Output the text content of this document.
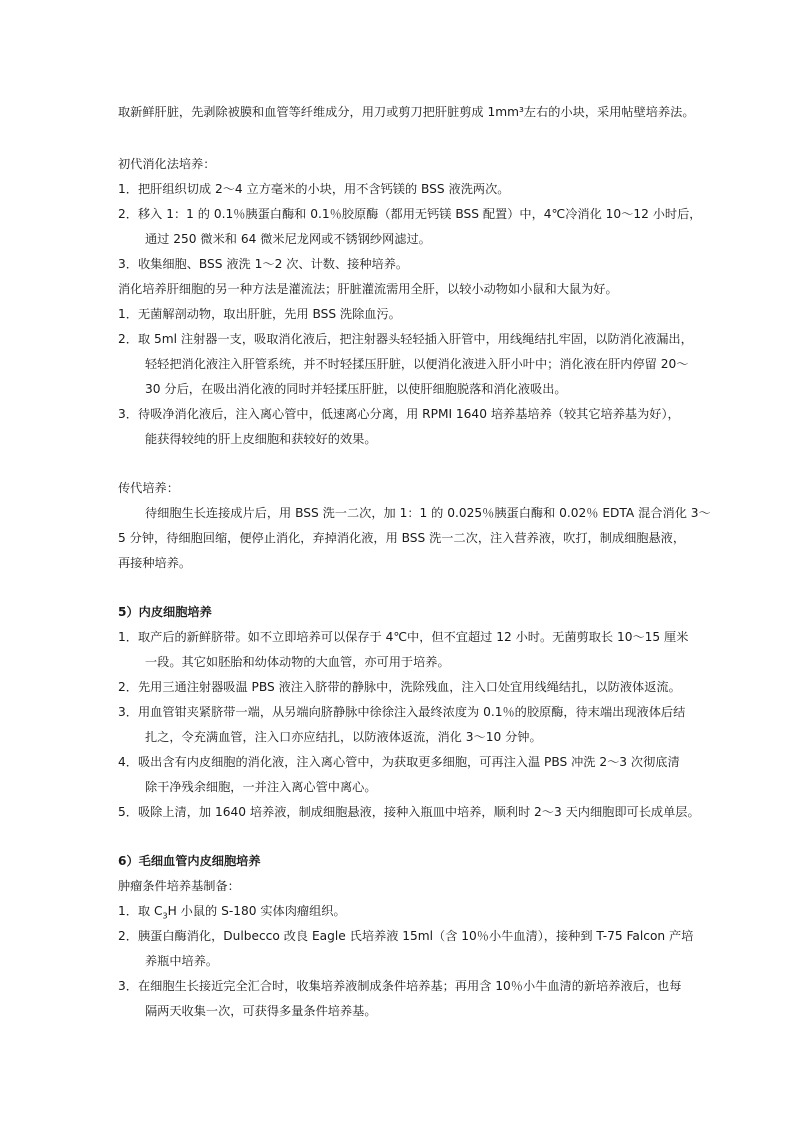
取新鲜肝脏，先剥除被膜和血管等纤维成分，用刀或剪刀把肝脏剪成 1mm³左右的小块，采用帖壁培养法。
初代消化法培养：
1．把肝组织切成 2～4 立方毫米的小块，用不含钙镁的 BSS 液洗两次。
2．移入 1：1 的 0.1％胰蛋白酶和 0.1％胶原酶（都用无钙镁 BSS 配置）中，4℃冷消化 10～12 小时后，
通过 250 微米和 64 微米尼龙网或不锈钢纱网滤过。
3．收集细胞、BSS 液洗 1～2 次、计数、接种培养。
消化培养肝细胞的另一种方法是灌流法；肝脏灌流需用全肝，以较小动物如小鼠和大鼠为好。
1．无菌解剖动物，取出肝脏，先用 BSS 洗除血污。
2．取 5ml 注射器一支，吸取消化液后，把注射器头轻轻插入肝管中，用线绳结扎牢固，以防消化液漏出，
轻轻把消化液注入肝管系统，并不时轻揉压肝脏，以便消化液进入肝小叶中；消化液在肝内停留 20～
30 分后，在吸出消化液的同时并轻揉压肝脏，以使肝细胞脱落和消化液吸出。
3．待吸净消化液后，注入离心管中，低速离心分离，用 RPMI 1640 培养基培养（较其它培养基为好），
能获得较纯的肝上皮细胞和获较好的效果。
传代培养：
待细胞生长连接成片后，用 BSS 洗一二次，加 1：1 的 0.025％胰蛋白酶和 0.02％ EDTA 混合消化 3～
5 分钟，待细胞回缩，便停止消化，弃掉消化液，用 BSS 洗一二次，注入营养液，吹打，制成细胞悬液，
再接种培养。
5）内皮细胞培养
1．取产后的新鲜脐带。如不立即培养可以保存于 4℃中，但不宜超过 12 小时。无菌剪取长 10～15 厘米
一段。其它如胚胎和幼体动物的大血管，亦可用于培养。
2．先用三通注射器吸温 PBS 液注入脐带的静脉中，洗除残血，注入口处宜用线绳结扎，以防液体返流。
3．用血管钳夹紧脐带一端，从另端向脐静脉中徐徐注入最终浓度为 0.1％的胶原酶，待末端出现液体后结
扎之，令充满血管，注入口亦应结扎，以防液体返流，消化 3～10 分钟。
4．吸出含有内皮细胞的消化液，注入离心管中，为获取更多细胞，可再注入温 PBS 冲洗 2～3 次彻底清
除干净残余细胞，一并注入离心管中离心。
5．吸除上清，加 1640 培养液，制成细胞悬液，接种入瓶皿中培养，顺利时 2～3 天内细胞即可长成单层。
6）毛细血管内皮细胞培养
肿瘤条件培养基制备：
1．取 $C_3H$ 小鼠的 S-180 实体肉瘤组织。
2．胰蛋白酶消化，Dulbecco 改良 Eagle 氏培养液 15ml（含 10％小牛血清），接种到 T-75 Falcon 产培
养瓶中培养。
3．在细胞生长接近完全汇合时，收集培养液制成条件培养基；再用含 10％小牛血清的新培养液后，也每
隔两天收集一次，可获得多量条件培养基。
